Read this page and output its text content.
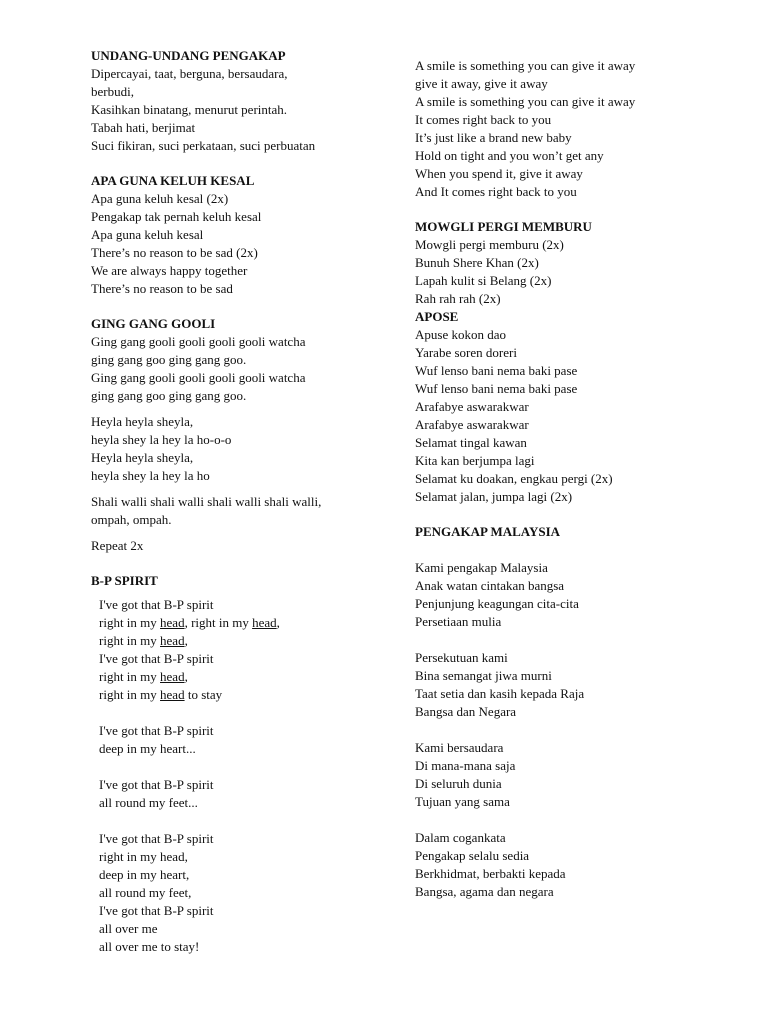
UNDANG-UNDANG PENGAKAP

Dipercayai, taat, berguna, bersaudara,

berbudi,

Kasihkan binatang, menurut perintah.

Tabah hati, berjimat

Suci fikiran, suci perkataan, suci perbuatan

APA GUNA KELUH KESAL

Apa guna keluh kesal (2x)

Pengakap tak pernah keluh kesal

Apa guna keluh kesal

There’s no reason to be sad (2x)

We are always happy together

There’s no reason to be sad

GING GANG GOOLI

Ging gang gooli gooli gooli gooli watcha

ging gang goo ging gang goo.

Ging gang gooli gooli gooli gooli watcha

ging gang goo ging gang goo.

Heyla heyla sheyla,

heyla shey la hey la ho-o-o

Heyla heyla sheyla,

heyla shey la hey la ho

Shali walli shali walli shali walli shali walli,

ompah, ompah.

Repeat 2x

B-P SPIRIT

I've got that B-P spirit

right in my head, right in my head,

right in my head,

I've got that B-P spirit

right in my head,

right in my head to stay

I've got that B-P spirit

deep in my heart...

I've got that B-P spirit

all round my feet...

I've got that B-P spirit

right in my head,

deep in my heart,

all round my feet,

I've got that B-P spirit

all over me

all over me to stay!

A smile is something you can give it away

give it away, give it away

A smile is something you can give it away

It comes right back to you

It’s just like a brand new baby

Hold on tight and you won’t get any

When you spend it, give it away

And It comes right back to you

MOWGLI PERGI MEMBURU

Mowgli pergi memburu (2x)

Bunuh Shere Khan (2x)

Lapah kulit si Belang (2x)

Rah rah rah (2x)

APOSE

Apuse kokon dao

Yarabe soren doreri

Wuf lenso bani nema baki pase

Wuf lenso bani nema baki pase

Arafabye aswarakwar

Arafabye aswarakwar

Selamat tingal kawan

Kita kan berjumpa lagi

Selamat ku doakan, engkau pergi (2x)

Selamat jalan, jumpa lagi (2x)

PENGAKAP MALAYSIA

Kami pengakap Malaysia

Anak watan cintakan bangsa

Penjunjung keagungan cita-cita

Persetiaan mulia

Persekutuan kami

Bina semangat jiwa murni

Taat setia dan kasih kepada Raja

Bangsa dan Negara

Kami bersaudara

Di mana-mana saja

Di seluruh dunia

Tujuan yang sama

Dalam cogankata

Pengakap selalu sedia

Berkhidmat, berbakti kepada

Bangsa, agama dan negara
